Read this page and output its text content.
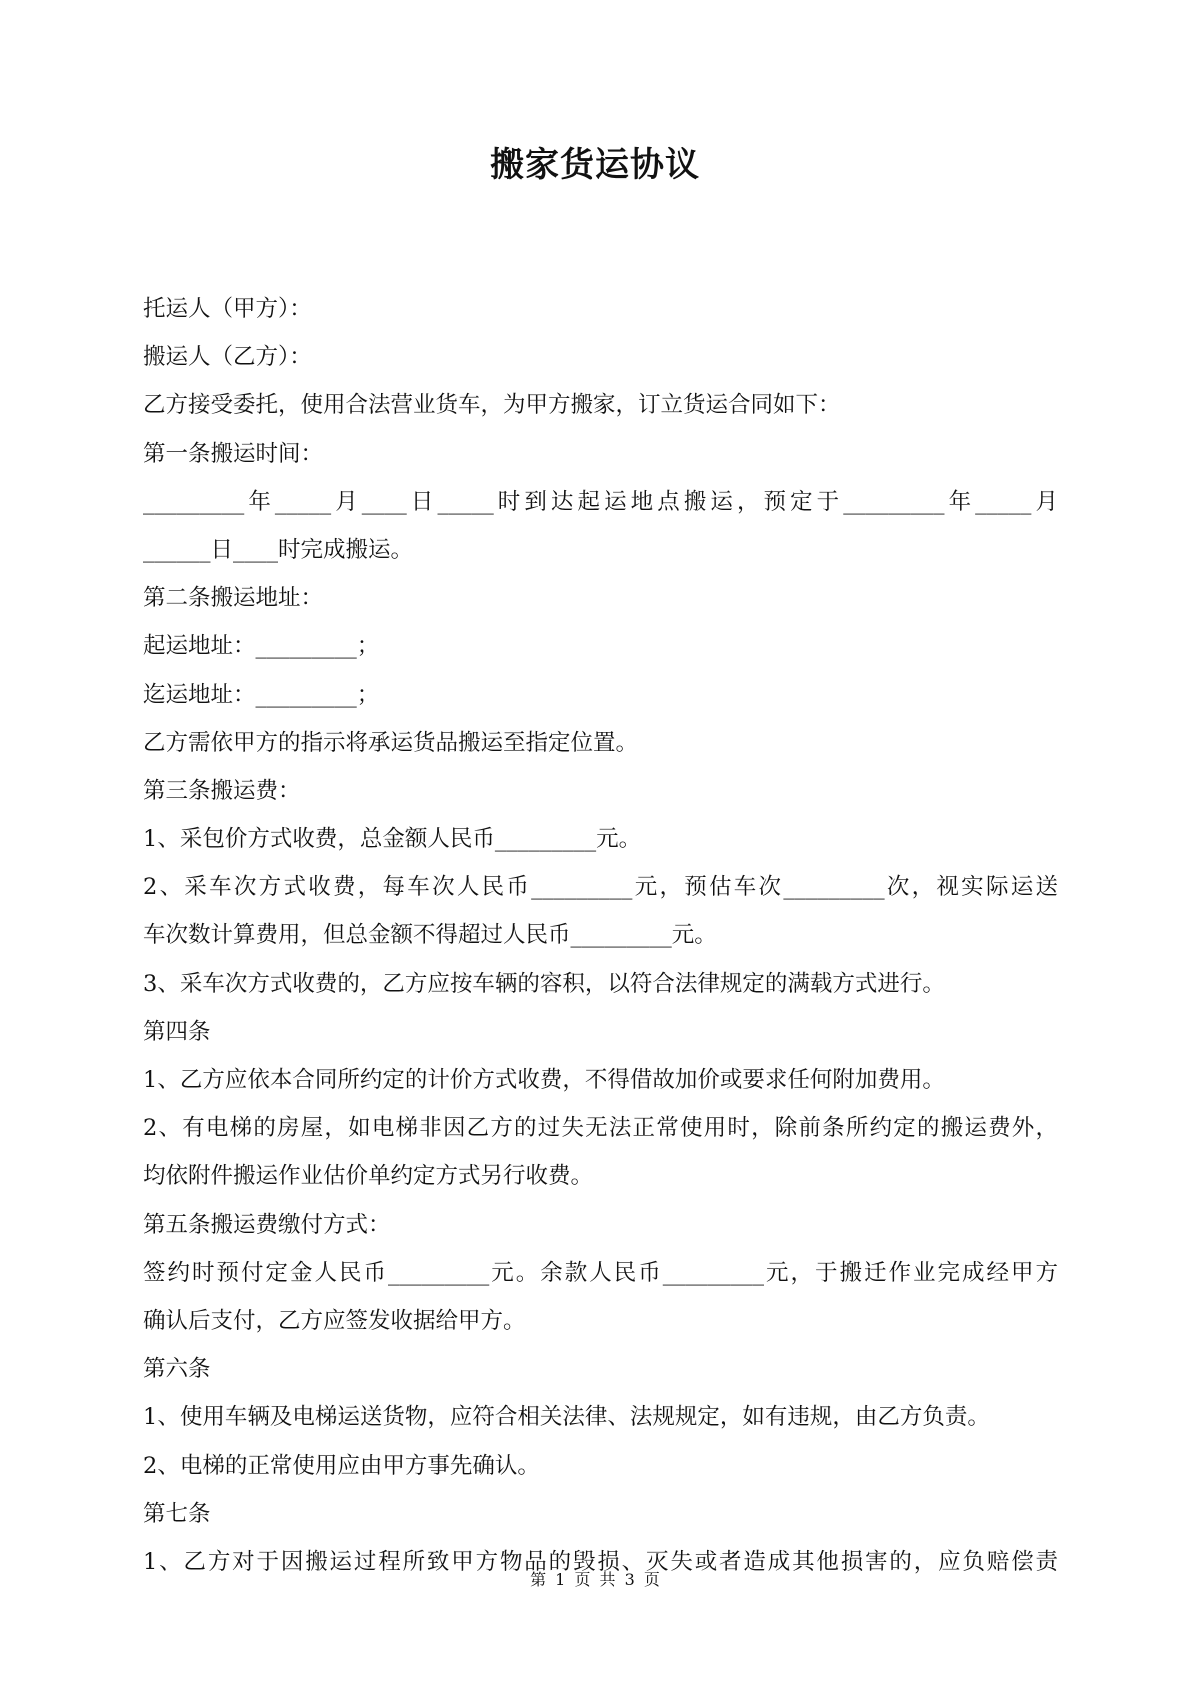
搬家货运协议
托运人（甲方）：
搬运人（乙方）：
乙方接受委托，使用合法营业货车，为甲方搬家，订立货运合同如下：
第一条搬运时间：
_________年_____月____日_____时到达起运地点搬运，预定于_________年_____月
______日____时完成搬运。
第二条搬运地址：
起运地址：_________；
迄运地址：_________；
乙方需依甲方的指示将承运货品搬运至指定位置。
第三条搬运费：
1、采包价方式收费，总金额人民币_________元。
2、采车次方式收费，每车次人民币_________元，预估车次_________次，视实际运送
车次数计算费用，但总金额不得超过人民币_________元。
3、采车次方式收费的，乙方应按车辆的容积，以符合法律规定的满载方式进行。
第四条
1、乙方应依本合同所约定的计价方式收费，不得借故加价或要求任何附加费用。
2、有电梯的房屋，如电梯非因乙方的过失无法正常使用时，除前条所约定的搬运费外，
均依附件搬运作业估价单约定方式另行收费。
第五条搬运费缴付方式：
签约时预付定金人民币_________元。余款人民币_________元，于搬迁作业完成经甲方
确认后支付，乙方应签发收据给甲方。
第六条
1、使用车辆及电梯运送货物，应符合相关法律、法规规定，如有违规，由乙方负责。
2、电梯的正常使用应由甲方事先确认。
第七条
1、乙方对于因搬运过程所致甲方物品的毁损、灭失或者造成其他损害的，应负赔偿责
第 1 页 共 3 页
